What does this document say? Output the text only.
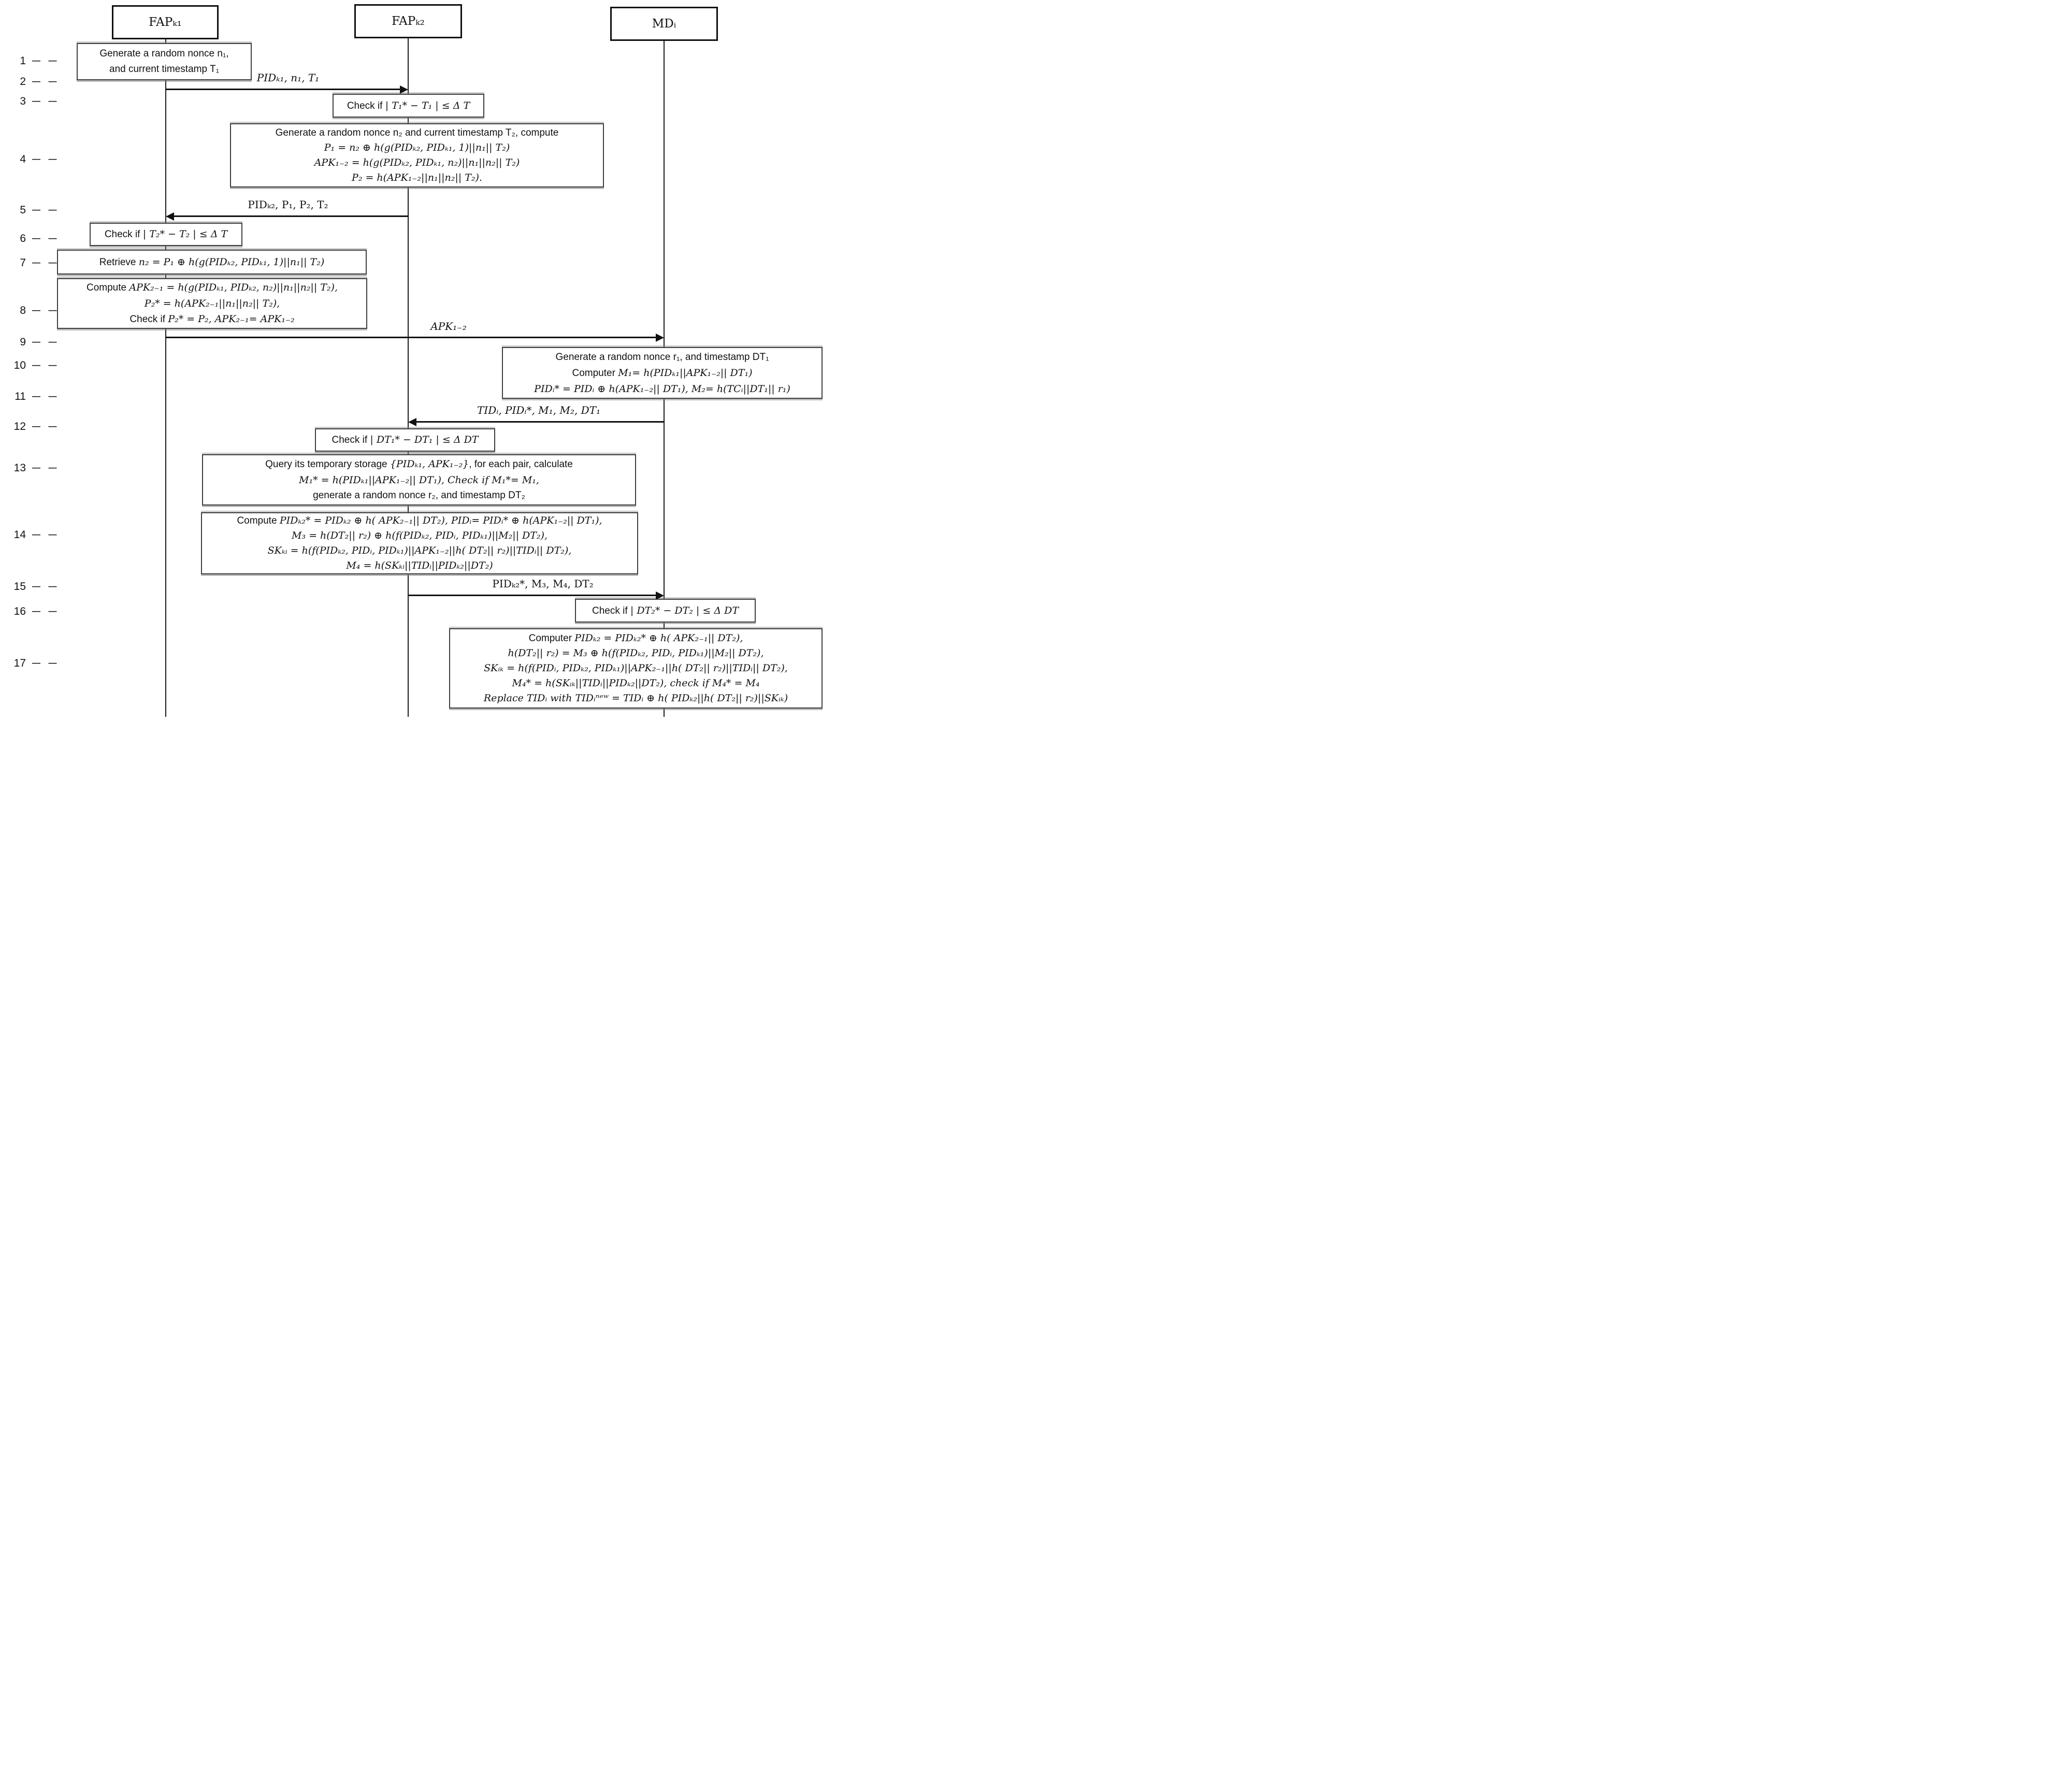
FAPₖ₁	FAPₖ₂	MDᵢ
1 — —
2 — —
3 — —
4 — —
5 — —
6 — —
7 — —
8 — —
9 — —
10 — —
11 — —
12 — —
13 — —
14 — —
15 — —
16 — —
17 — —
Generate a random nonce n₁,
and current timestamp T₁
PIDₖ₁, n₁, T₁
Check if | T₁* − T₁ | ≤ Δ T
Generate a random nonce n₂ and current timestamp T₂, compute
P₁ = n₂ ⊕ h(g(PIDₖ₂, PIDₖ₁, 1)||n₁|| T₂)
APK₁₋₂ = h(g(PIDₖ₂, PIDₖ₁, n₂)||n₁||n₂|| T₂)
P₂ = h(APK₁₋₂||n₁||n₂|| T₂).
PIDₖ₂, P₁, P₂, T₂
Check if | T₂* − T₂ | ≤ Δ T
Retrieve n₂ = P₁ ⊕ h(g(PIDₖ₂, PIDₖ₁, 1)||n₁|| T₂)
Compute APK₂₋₁ = h(g(PIDₖ₁, PIDₖ₂, n₂)||n₁||n₂|| T₂),
P₂* = h(APK₂₋₁||n₁||n₂|| T₂),
Check if P₂* = P₂, APK₂₋₁= APK₁₋₂
APK₁₋₂
Generate a random nonce r₁, and timestamp DT₁
Computer M₁= h(PIDₖ₁||APK₁₋₂|| DT₁)
PIDᵢ* = PIDᵢ ⊕ h(APK₁₋₂|| DT₁), M₂= h(TCᵢ||DT₁|| r₁)
TIDᵢ, PIDᵢ*, M₁, M₂, DT₁
Check if | DT₁* − DT₁ | ≤ Δ DT
Query its temporary storage {PIDₖ₁, APK₁₋₂}, for each pair, calculate
M₁* = h(PIDₖ₁||APK₁₋₂|| DT₁), Check if M₁*= M₁,
generate a random nonce r₂, and timestamp DT₂
Compute PIDₖ₂* = PIDₖ₂ ⊕ h( APK₂₋₁|| DT₂), PIDᵢ= PIDᵢ* ⊕ h(APK₁₋₂|| DT₁),
M₃ = h(DT₂|| r₂) ⊕ h(f(PIDₖ₂, PIDᵢ, PIDₖ₁)||M₂|| DT₂),
SKₖᵢ = h(f(PIDₖ₂, PIDᵢ, PIDₖ₁)||APK₁₋₂||h( DT₂|| r₂)||TIDᵢ|| DT₂),
M₄ = h(SKₖᵢ||TIDᵢ||PIDₖ₂||DT₂)
PIDₖ₂*, M₃, M₄, DT₂
Check if | DT₂* − DT₂ | ≤ Δ DT
Computer PIDₖ₂ = PIDₖ₂* ⊕ h( APK₂₋₁|| DT₂),
h(DT₂|| r₂) = M₃ ⊕ h(f(PIDₖ₂, PIDᵢ, PIDₖ₁)||M₂|| DT₂),
SKᵢₖ = h(f(PIDᵢ, PIDₖ₂, PIDₖ₁)||APK₂₋₁||h( DT₂|| r₂)||TIDᵢ|| DT₂),
M₄* = h(SKᵢₖ||TIDᵢ||PIDₖ₂||DT₂), check if M₄* = M₄
Replace TIDᵢ with TIDᵢⁿᵉʷ = TIDᵢ ⊕ h( PIDₖ₂||h( DT₂|| r₂)||SKᵢₖ)
